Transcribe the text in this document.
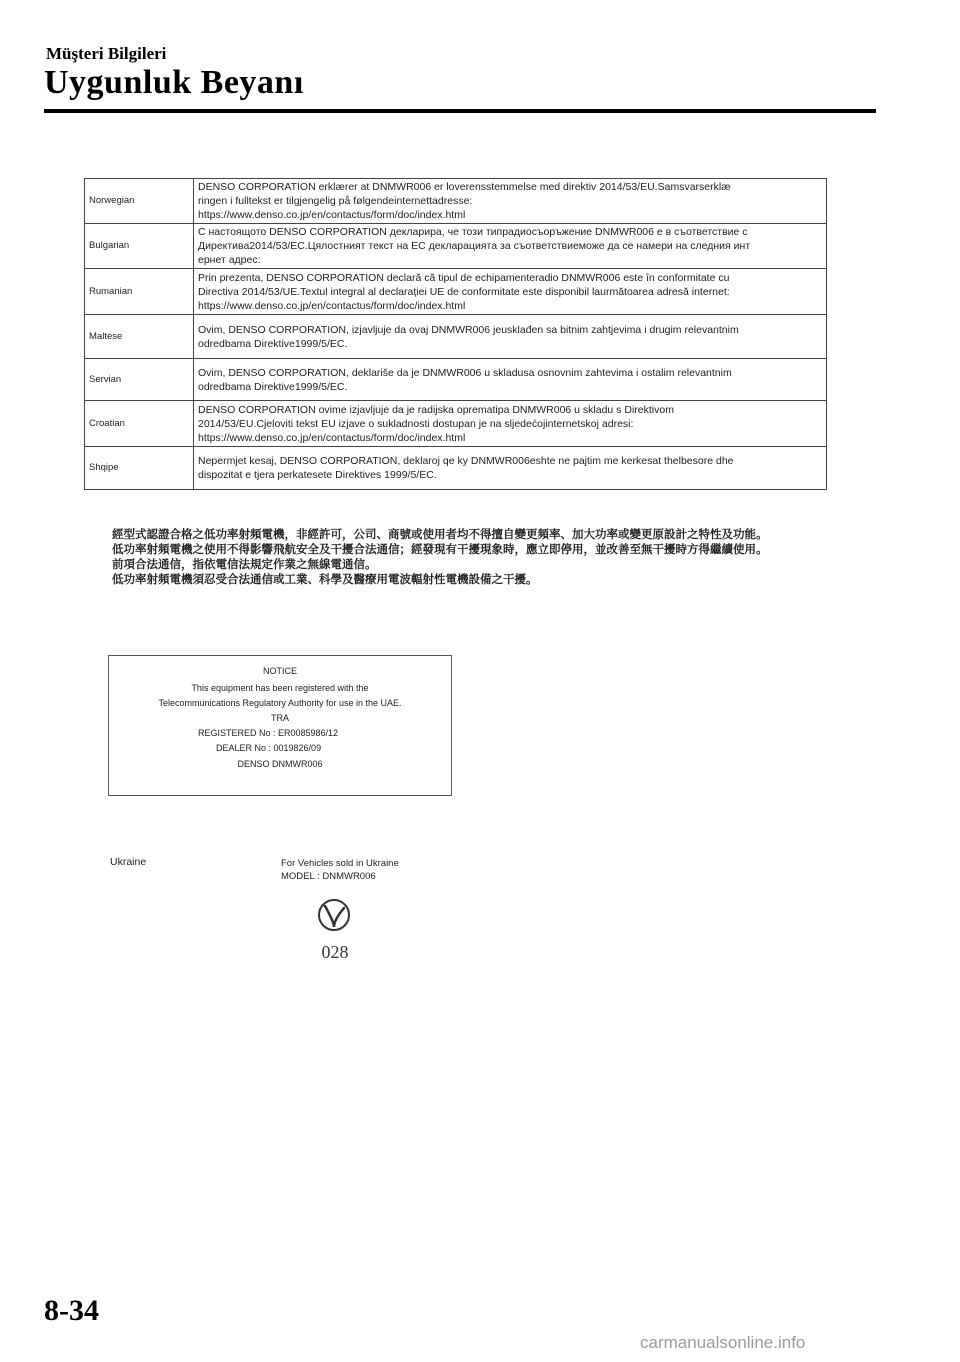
Müşteri Bilgileri
Uygunluk Beyanı
Norwegian	DENSO CORPORATION erklærer at DNMWR006 er loverensstemmelse med direktiv 2014/53/EU.Samsvarserklæ
ringen i fulltekst er tilgjengelig på følgendeinternettadresse:
https://www.denso.co.jp/en/contactus/form/doc/index.html

Bulgarian	С настоящото DENSO CORPORATION декларира, че този типрадиосъоръжение DNMWR006 е в съответствие с
Директива2014/53/ЕС.Цялостният текст на ЕС декларацията за съответствиеможе да се намери на следния инт
ернет адрес:

Rumanian	Prin prezenta, DENSO CORPORATION declară că tipul de echipamenteradio DNMWR006 este în conformitate cu
Directiva 2014/53/UE.Textul integral al declarației UE de conformitate este disponibil laurmătoarea adresă internet:
https://www.denso.co.jp/en/contactus/form/doc/index.html

Maltese	Ovim, DENSO CORPORATION, izjavljuje da ovaj DNMWR006 jeusklađen sa bitnim zahtjevima i drugim relevantnim
odredbama Direktive1999/5/EC.

Servian	Ovim, DENSO CORPORATION, deklariše da je DNMWR006 u skladusa osnovnim zahtevima i ostalim relevantnim
odredbama Direktive1999/5/EC.

Croatian	DENSO CORPORATION ovime izjavljuje da je radijska oprematipa DNMWR006 u skladu s Direktivom
2014/53/EU.Cjeloviti tekst EU izjave o sukladnosti dostupan je na sljedećojinternetskoj adresi:
https://www.denso.co.jp/en/contactus/form/doc/index.html

Shqipe	Nepermjet kesaj, DENSO CORPORATION, deklaroj qe ky DNMWR006eshte ne pajtim me kerkesat thelbesore dhe
dispozitat e tjera perkatesete Direktives 1999/5/EC.
經型式認證合格之低功率射頻電機，非經許可，公司、商號或使用者均不得擅自變更頻率、加大功率或變更原設計之特性及功能。
低功率射頻電機之使用不得影響飛航安全及干擾合法通信；經發現有干擾現象時，應立即停用，並改善至無干擾時方得繼續使用。
前項合法通信，指依電信法規定作業之無線電通信。
低功率射頻電機須忍受合法通信或工業、科學及醫療用電波輻射性電機設備之干擾。
NOTICE
This equipment has been registered with the
Telecommunications Regulatory Authority for use in the UAE.
TRA
REGISTERED No : ER0085986/12
DEALER No : 0019826/09
DENSO DNMWR006
Ukraine	For Vehicles sold in Ukraine
MODEL : DNMWR006
028
8-34
carmanualsonline.info
